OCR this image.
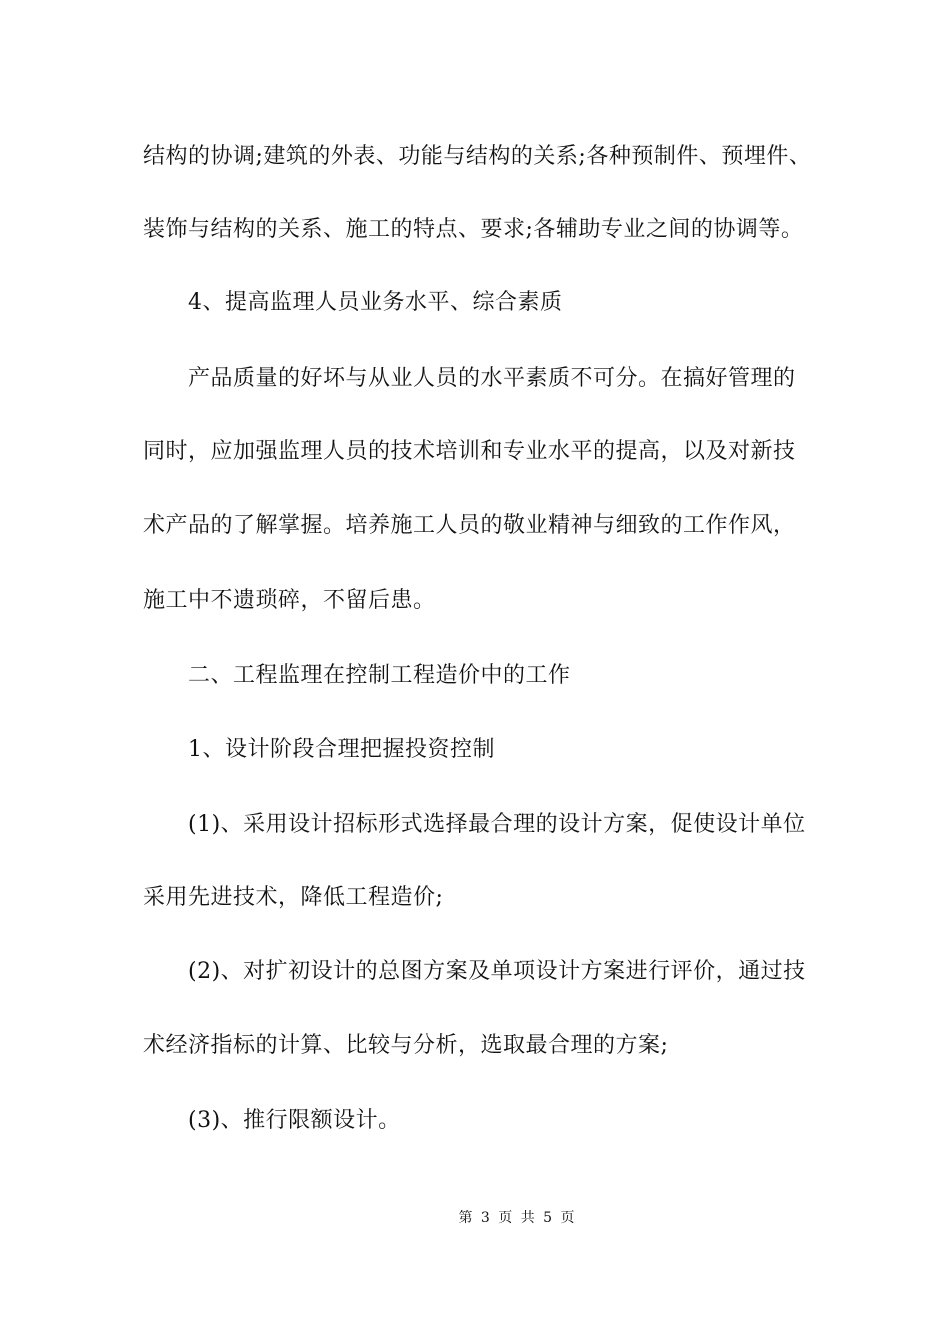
结构的协调;建筑的外表、功能与结构的关系;各种预制件、预埋件、
装饰与结构的关系、施工的特点、要求;各辅助专业之间的协调等。
4、提高监理人员业务水平、综合素质
产品质量的好坏与从业人员的水平素质不可分。在搞好管理的
同时，应加强监理人员的技术培训和专业水平的提高，以及对新技
术产品的了解掌握。培养施工人员的敬业精神与细致的工作作风，
施工中不遗琐碎，不留后患。
二、工程监理在控制工程造价中的工作
1、设计阶段合理把握投资控制
(1)、采用设计招标形式选择最合理的设计方案，促使设计单位
采用先进技术，降低工程造价;
(2)、对扩初设计的总图方案及单项设计方案进行评价，通过技
术经济指标的计算、比较与分析，选取最合理的方案;
(3)、推行限额设计。
第 3 页 共 5 页
